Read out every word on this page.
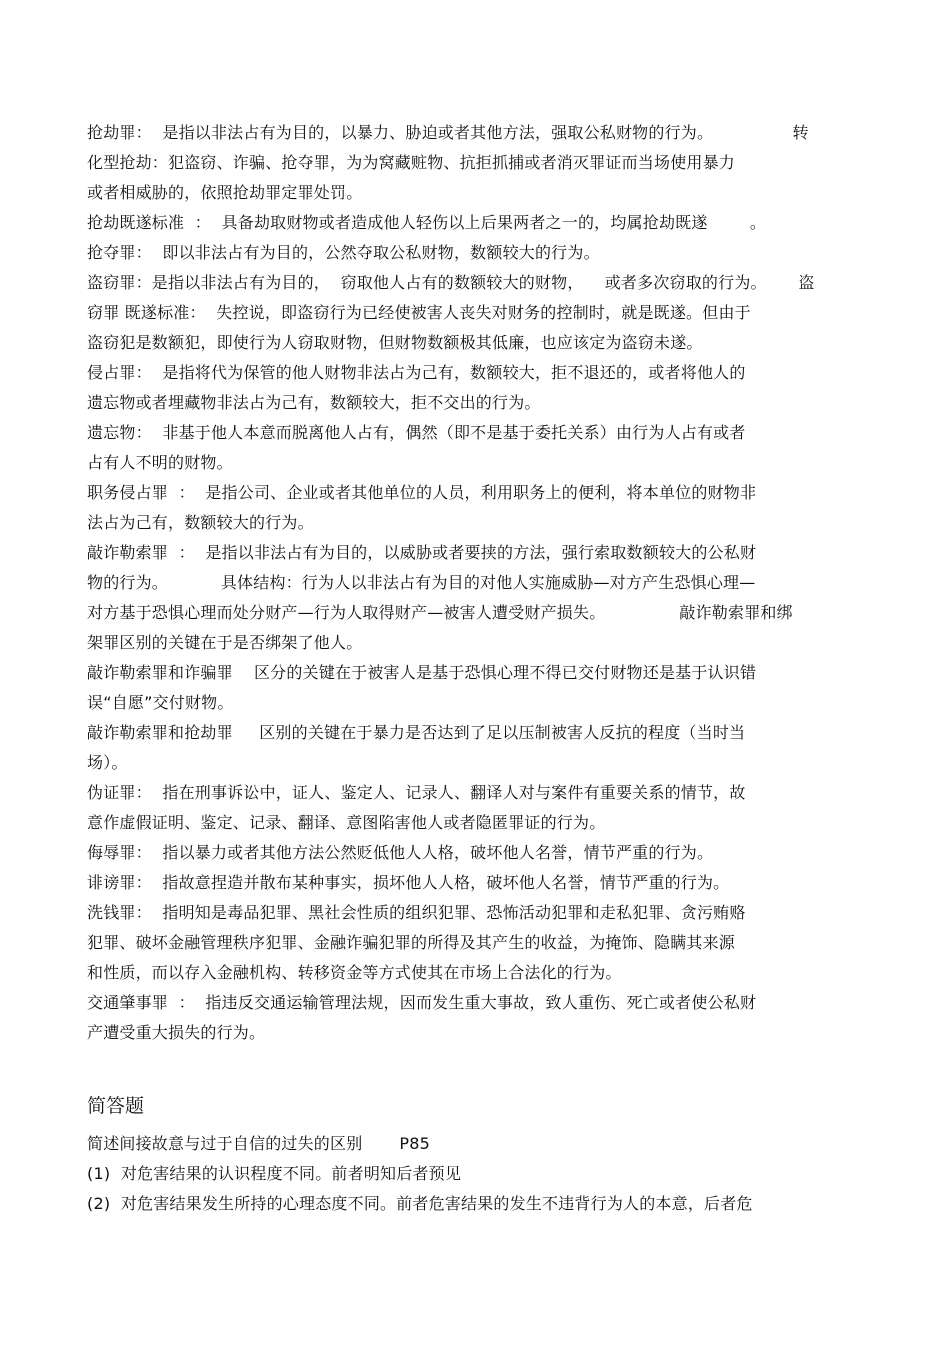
抢劫罪：  是指以非法占有为目的，以暴力、胁迫或者其他方法，强取公私财物的行为。               转
化型抢劫：犯盗窃、诈骗、抢夺罪，为为窝藏赃物、抗拒抓捕或者消灭罪证而当场使用暴力
或者相威胁的，依照抢劫罪定罪处罚。
抢劫既遂标准  ：  具备劫取财物或者造成他人轻伤以上后果两者之一的，均属抢劫既遂        。
抢夺罪：  即以非法占有为目的，公然夺取公私财物，数额较大的行为。
盗窃罪：是指以非法占有为目的，  窃取他人占有的数额较大的财物，    或者多次窃取的行为。      盗
窃罪 既遂标准：  失控说，即盗窃行为已经使被害人丧失对财务的控制时，就是既遂。但由于
盗窃犯是数额犯，即使行为人窃取财物，但财物数额极其低廉，也应该定为盗窃未遂。
侵占罪：  是指将代为保管的他人财物非法占为己有，数额较大，拒不退还的，或者将他人的
遗忘物或者埋藏物非法占为己有，数额较大，拒不交出的行为。
遗忘物：  非基于他人本意而脱离他人占有，偶然（即不是基于委托关系）由行为人占有或者
占有人不明的财物。
职务侵占罪  ：  是指公司、企业或者其他单位的人员，利用职务上的便利，将本单位的财物非
法占为己有，数额较大的行为。
敲诈勒索罪  ：  是指以非法占有为目的，以威胁或者要挟的方法，强行索取数额较大的公私财
物的行为。          具体结构：行为人以非法占有为目的对他人实施威胁—对方产生恐惧心理—
对方基于恐惧心理而处分财产—行为人取得财产—被害人遭受财产损失。              敲诈勒索罪和绑
架罪区别的关键在于是否绑架了他人。
敲诈勒索罪和诈骗罪    区分的关键在于被害人是基于恐惧心理不得已交付财物还是基于认识错
误“自愿”交付财物。
敲诈勒索罪和抢劫罪     区别的关键在于暴力是否达到了足以压制被害人反抗的程度（当时当
场）。
伪证罪：  指在刑事诉讼中，证人、鉴定人、记录人、翻译人对与案件有重要关系的情节，故
意作虚假证明、鉴定、记录、翻译、意图陷害他人或者隐匿罪证的行为。
侮辱罪：  指以暴力或者其他方法公然贬低他人人格，破坏他人名誉，情节严重的行为。
诽谤罪：  指故意捏造并散布某种事实，损坏他人人格，破坏他人名誉，情节严重的行为。
洗钱罪：  指明知是毒品犯罪、黑社会性质的组织犯罪、恐怖活动犯罪和走私犯罪、贪污贿赂
犯罪、破坏金融管理秩序犯罪、金融诈骗犯罪的所得及其产生的收益，为掩饰、隐瞒其来源
和性质，而以存入金融机构、转移资金等方式使其在市场上合法化的行为。
交通肇事罪  ：  指违反交通运输管理法规，因而发生重大事故，致人重伤、死亡或者使公私财
产遭受重大损失的行为。
简答题
简述间接故意与过于自信的过失的区别       P85
(1)  对危害结果的认识程度不同。前者明知后者预见
(2)  对危害结果发生所持的心理态度不同。前者危害结果的发生不违背行为人的本意，后者危
